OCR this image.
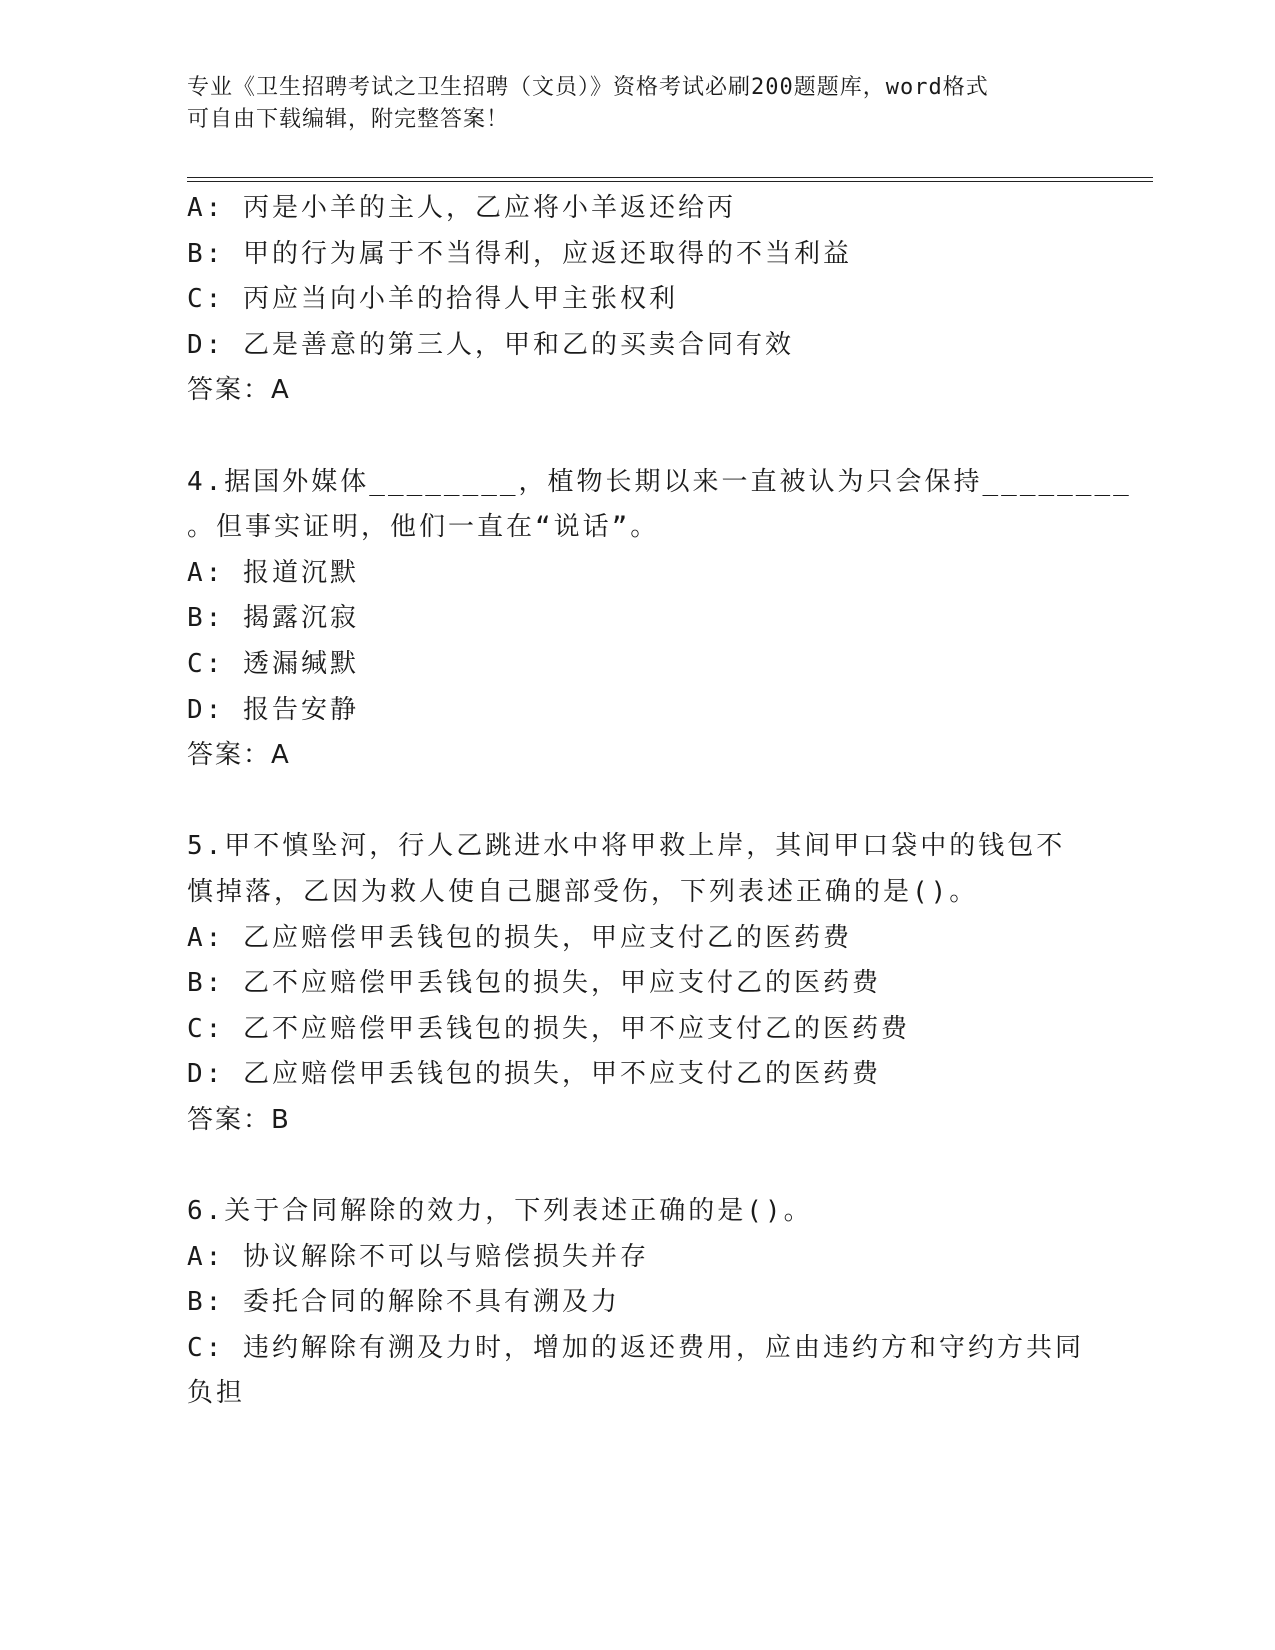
专业《卫生招聘考试之卫生招聘（文员）》资格考试必刷200题题库，word格式

可自由下载编辑，附完整答案！

A: 丙是小羊的主人，乙应将小羊返还给丙
B: 甲的行为属于不当得利，应返还取得的不当利益
C: 丙应当向小羊的拾得人甲主张权利
D: 乙是善意的第三人，甲和乙的买卖合同有效
答案：A
4.据国外媒体________，植物长期以来一直被认为只会保持________
。但事实证明，他们一直在“说话”。
A: 报道沉默
B: 揭露沉寂
C: 透漏缄默
D: 报告安静
答案：A
5.甲不慎坠河，行人乙跳进水中将甲救上岸，其间甲口袋中的钱包不
慎掉落，乙因为救人使自己腿部受伤，下列表述正确的是()。
A: 乙应赔偿甲丢钱包的损失，甲应支付乙的医药费
B: 乙不应赔偿甲丢钱包的损失，甲应支付乙的医药费
C: 乙不应赔偿甲丢钱包的损失，甲不应支付乙的医药费
D: 乙应赔偿甲丢钱包的损失，甲不应支付乙的医药费
答案：B
6.关于合同解除的效力，下列表述正确的是()。
A: 协议解除不可以与赔偿损失并存
B: 委托合同的解除不具有溯及力
C: 违约解除有溯及力时，增加的返还费用，应由违约方和守约方共同
负担
